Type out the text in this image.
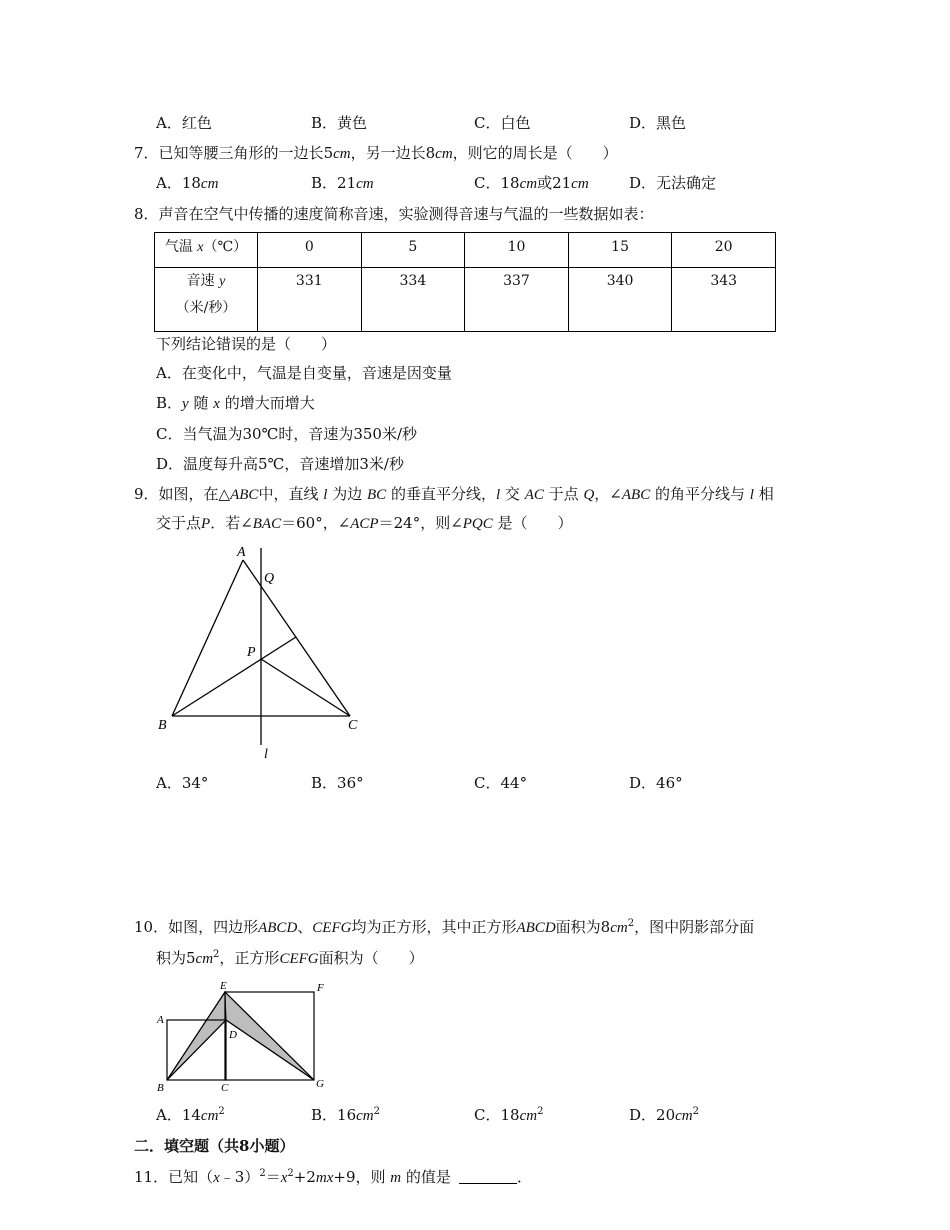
A．红色	B．黄色	C．白色	D．黑色
7．已知等腰三角形的一边长5cm，另一边长8cm，则它的周长是（　　）
A．18cm	B．21cm	C．18cm或21cm	D．无法确定
8．声音在空气中传播的速度简称音速，实验测得音速与气温的一些数据如表：
气温 x（℃）	0	5	10	15	20
音速 y
（米/秒）	331	334	337	340	343
下列结论错误的是（　　）
A．在变化中，气温是自变量，音速是因变量
B．y 随 x 的增大而增大
C．当气温为30℃时，音速为350米/秒
D．温度每升高5℃，音速增加3米/秒
9．如图，在△ABC中，直线 l 为边 BC 的垂直平分线，l 交 AC 于点 Q，∠ABC 的角平分线与 l 相
交于点P．若∠BAC＝60°，∠ACP＝24°，则∠PQC 是（　　）
A
Q
P
B	C
l
A．34°	B．36°	C．44°	D．46°
10．如图，四边形ABCD、CEFG均为正方形，其中正方形ABCD面积为$8cm^2$，图中阴影部分面
积为$5cm^2$，正方形CEFG面积为（　　）
A
B	C
D
E	F
G
A．$14cm^2$	B．$16cm^2$	C．$18cm^2$	D．$20cm^2$
二．填空题（共8小题）
11．已知$(x﹣3)^2=x^2+2mx+9$，则 m 的值是	．
